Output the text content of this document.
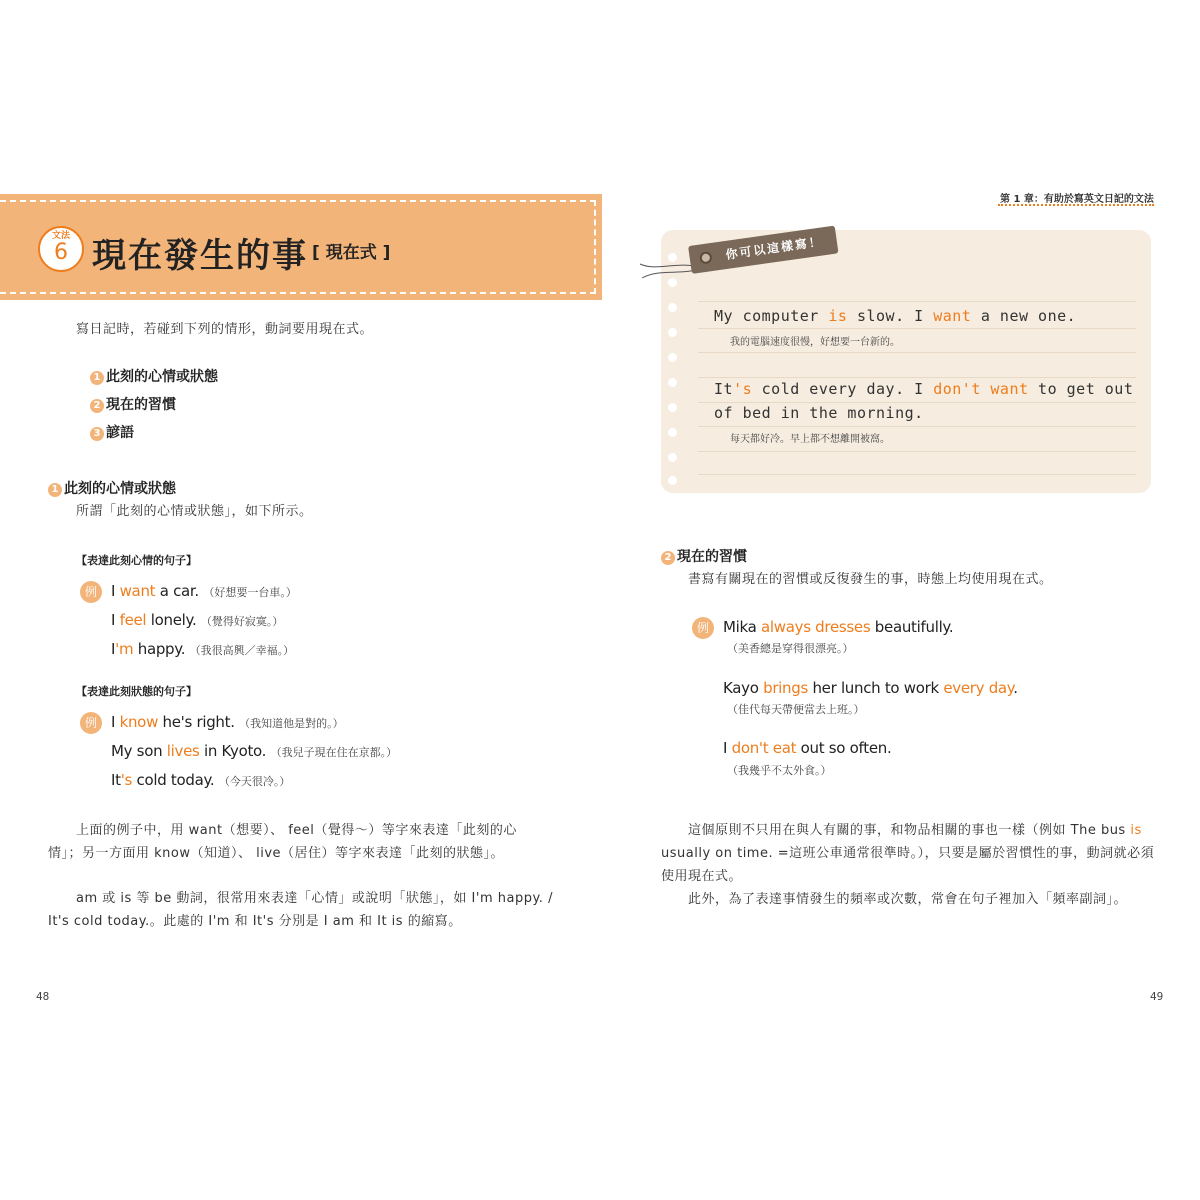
文法
6 現在發生的事 [ 現在式 ]
寫日記時，若碰到下列的情形，動詞要用現在式。
1 此刻的心情或狀態
2 現在的習慣
3 諺語
1 此刻的心情或狀態
所謂「此刻的心情或狀態」，如下所示。
【表達此刻心情的句子】
例 I want a car. （好想要一台車。）
I feel lonely. （覺得好寂寞。）
I'm happy. （我很高興／幸福。）
【表達此刻狀態的句子】
例 I know he's right. （我知道他是對的。）
My son lives in Kyoto. （我兒子現在住在京都。）
It's cold today. （今天很冷。）
上面的例子中，用 want（想要）、 feel（覺得～）等字來表達「此刻的心
情」；另一方面用 know（知道）、 live（居住）等字來表達「此刻的狀態」。
am 或 is 等 be 動詞，很常用來表達「心情」或說明「狀態」，如 I'm happy. /
It's cold today.。此處的 I'm 和 It's 分別是 I am 和 It is 的縮寫。
48
第 1 章：有助於寫英文日記的文法
你可以這樣寫！
My computer is slow. I want a new one.
我的電腦速度很慢，好想要一台新的。
It's cold every day. I don't want to get out
of bed in the morning.
每天都好冷。早上都不想離開被窩。
2 現在的習慣
書寫有關現在的習慣或反復發生的事，時態上均使用現在式。
例 Mika always dresses beautifully.
（美香總是穿得很漂亮。）
Kayo brings her lunch to work every day.
（佳代每天帶便當去上班。）
I don't eat out so often.
（我幾乎不太外食。）
這個原則不只用在與人有關的事，和物品相關的事也一樣（例如 The bus is
usually on time. =這班公車通常很準時。），只要是屬於習慣性的事，動詞就必須
使用現在式。
此外，為了表達事情發生的頻率或次數，常會在句子裡加入「頻率副詞」。
49
